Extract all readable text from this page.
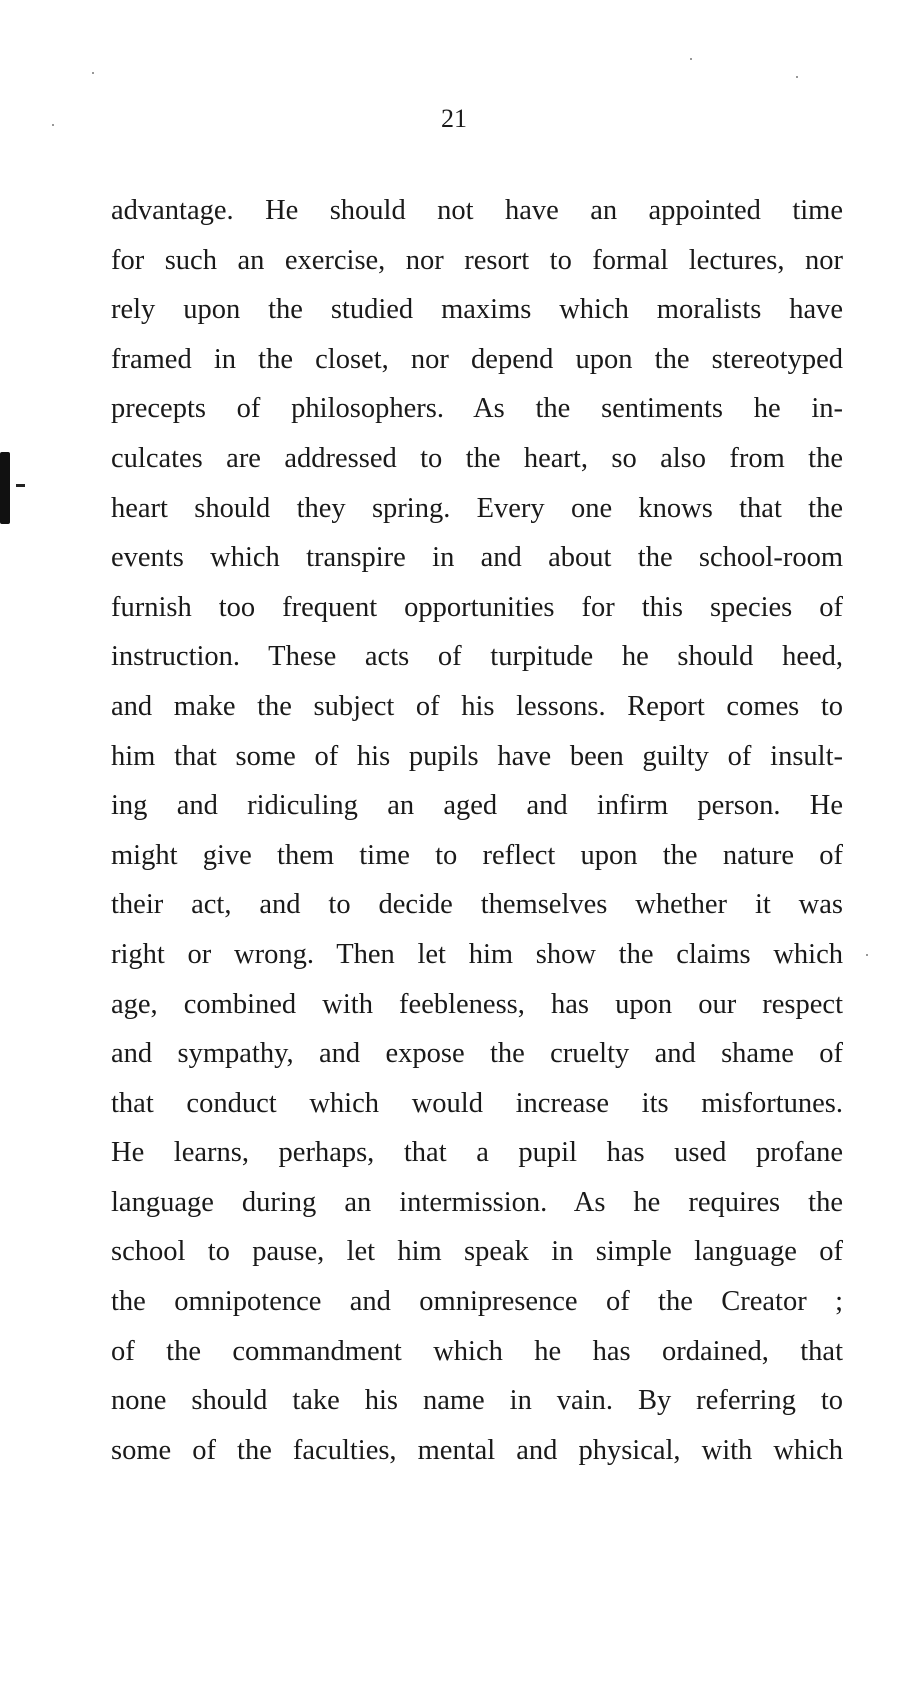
21
advantage. He should not have an appointed time
for such an exercise, nor resort to formal lectures, nor
rely upon the studied maxims which moralists have
framed in the closet, nor depend upon the stereotyped
precepts of philosophers. As the sentiments he in-
culcates are addressed to the heart, so also from the
heart should they spring. Every one knows that the
events which transpire in and about the school-room
furnish too frequent opportunities for this species of
instruction. These acts of turpitude he should heed,
and make the subject of his lessons. Report comes to
him that some of his pupils have been guilty of insult-
ing and ridiculing an aged and infirm person. He
might give them time to reflect upon the nature of
their act, and to decide themselves whether it was
right or wrong. Then let him show the claims which
age, combined with feebleness, has upon our respect
and sympathy, and expose the cruelty and shame of
that conduct which would increase its misfortunes.
He learns, perhaps, that a pupil has used profane
language during an intermission. As he requires the
school to pause, let him speak in simple language of
the omnipotence and omnipresence of the Creator ;
of the commandment which he has ordained, that
none should take his name in vain. By referring to
some of the faculties, mental and physical, with which
